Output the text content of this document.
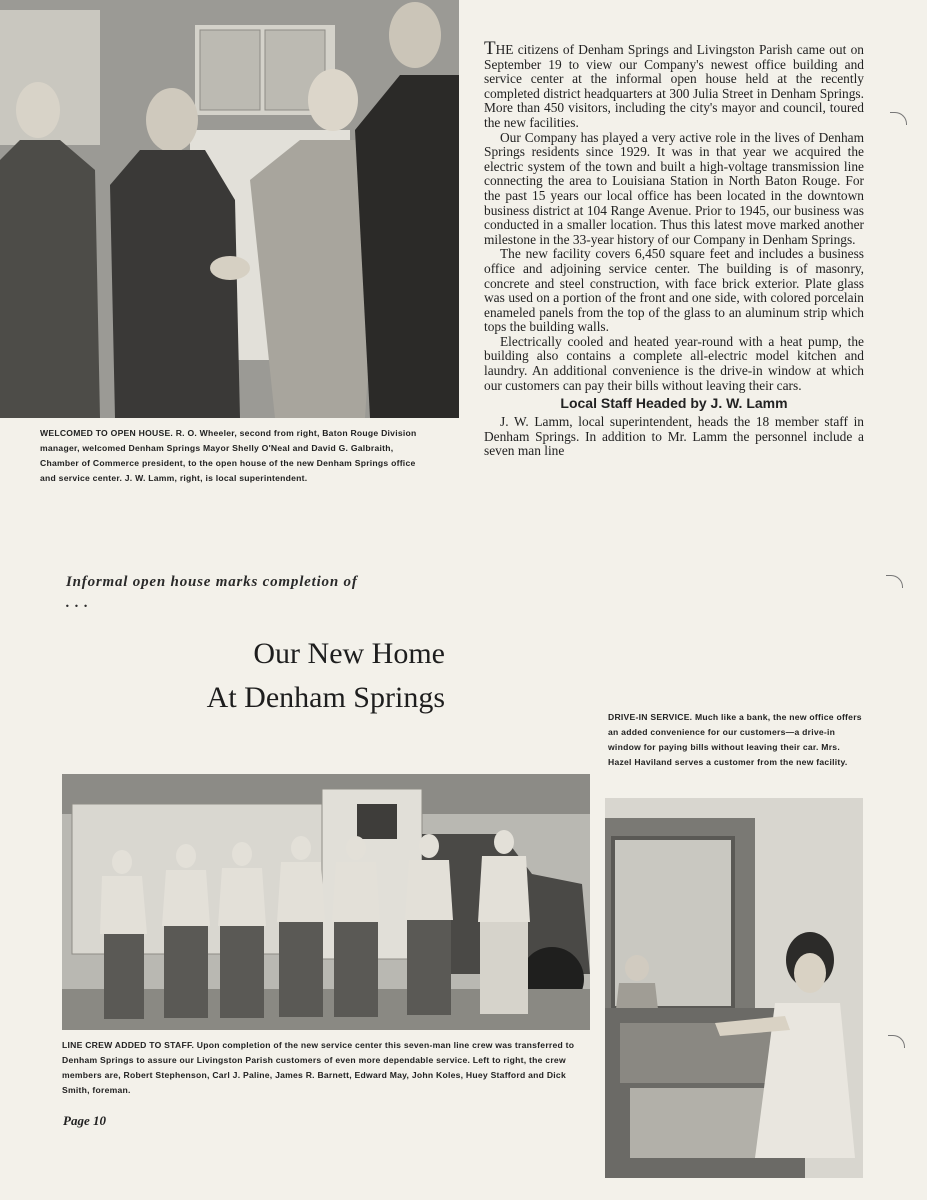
WELCOMED TO OPEN HOUSE. R. O. Wheeler, second from right, Baton Rouge Division manager, welcomed Denham Springs Mayor Shelly O'Neal and David G. Galbraith, Chamber of Commerce president, to the open house of the new Denham Springs office and service center. J. W. Lamm, right, is local superintendent.

THE citizens of Denham Springs and Livingston Parish came out on September 19 to view our Company's newest office building and service center at the informal open house held at the recently completed district headquarters at 300 Julia Street in Denham Springs. More than 450 visitors, including the city's mayor and council, toured the new facilities.

Our Company has played a very active role in the lives of Denham Springs residents since 1929. It was in that year we acquired the electric system of the town and built a high-voltage transmission line connecting the area to Louisiana Station in North Baton Rouge. For the past 15 years our local office has been located in the downtown business district at 104 Range Avenue. Prior to 1945, our business was conducted in a smaller location. Thus this latest move marked another milestone in the 33-year history of our Company in Denham Springs.

The new facility covers 6,450 square feet and includes a business office and adjoining service center. The building is of masonry, concrete and steel construction, with face brick exterior. Plate glass was used on a portion of the front and one side, with colored porcelain enameled panels from the top of the glass to an aluminum strip which tops the building walls.

Electrically cooled and heated year-round with a heat pump, the building also contains a complete all-electric model kitchen and laundry. An additional convenience is the drive-in window at which our customers can pay their bills without leaving their cars.

Local Staff Headed by J. W. Lamm

J. W. Lamm, local superintendent, heads the 18 member staff in Denham Springs. In addition to Mr. Lamm the personnel include a seven man line

Informal open house marks completion of . . .

Our New Home
At Denham Springs

DRIVE-IN SERVICE. Much like a bank, the new office offers an added convenience for our customers—a drive-in window for paying bills without leaving their car. Mrs. Hazel Haviland serves a customer from the new facility.

LINE CREW ADDED TO STAFF. Upon completion of the new service center this seven-man line crew was transferred to Denham Springs to assure our Livingston Parish customers of even more dependable service. Left to right, the crew members are, Robert Stephenson, Carl J. Paline, James R. Barnett, Edward May, John Koles, Huey Stafford and Dick Smith, foreman.

Page 10
